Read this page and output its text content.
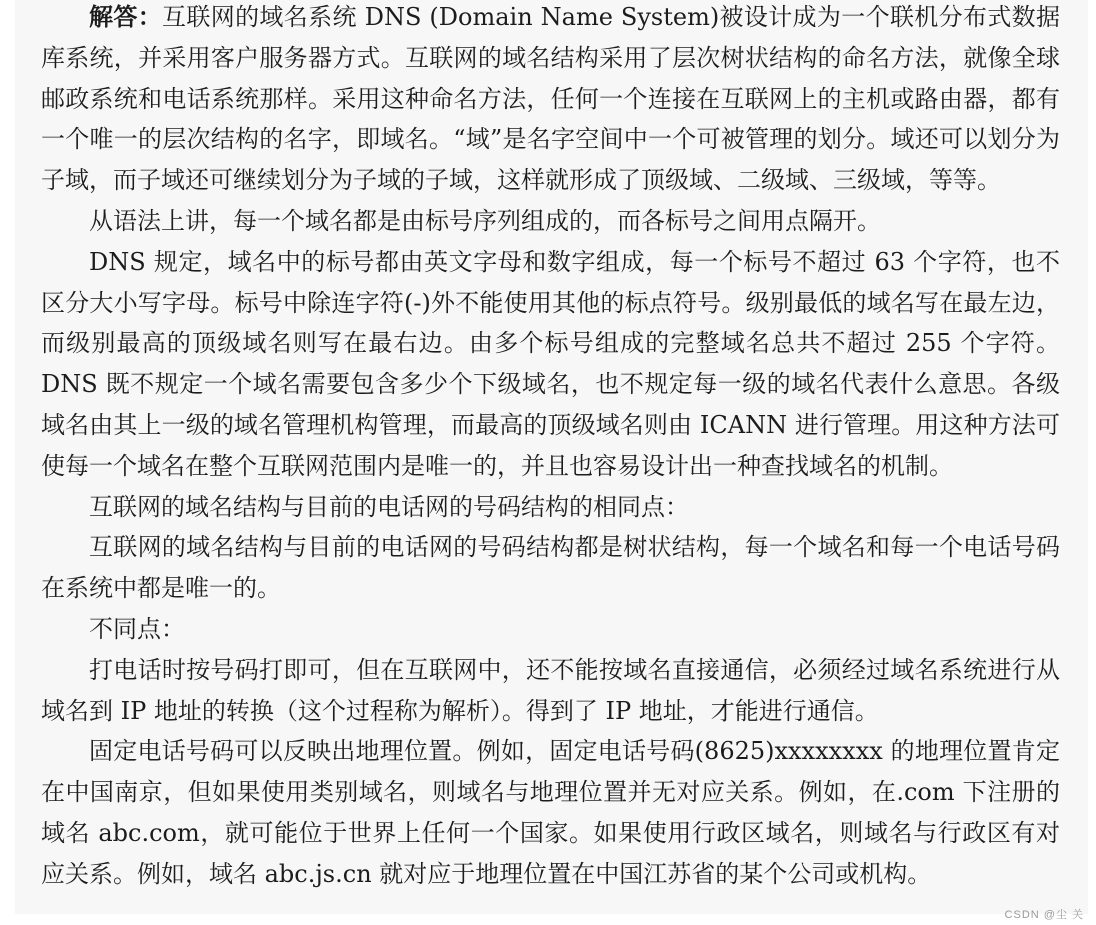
解答：互联网的域名系统 DNS (Domain Name System)被设计成为一个联机分布式数据库系统，并采用客户服务器方式。互联网的域名结构采用了层次树状结构的命名方法，就像全球邮政系统和电话系统那样。采用这种命名方法，任何一个连接在互联网上的主机或路由器，都有一个唯一的层次结构的名字，即域名。“域”是名字空间中一个可被管理的划分。域还可以划分为子域，而子域还可继续划分为子域的子域，这样就形成了顶级域、二级域、三级域，等等。

从语法上讲，每一个域名都是由标号序列组成的，而各标号之间用点隔开。

DNS 规定，域名中的标号都由英文字母和数字组成，每一个标号不超过 63 个字符，也不区分大小写字母。标号中除连字符(-)外不能使用其他的标点符号。级别最低的域名写在最左边，而级别最高的顶级域名则写在最右边。由多个标号组成的完整域名总共不超过 255 个字符。DNS 既不规定一个域名需要包含多少个下级域名，也不规定每一级的域名代表什么意思。各级域名由其上一级的域名管理机构管理，而最高的顶级域名则由 ICANN 进行管理。用这种方法可使每一个域名在整个互联网范围内是唯一的，并且也容易设计出一种查找域名的机制。

互联网的域名结构与目前的电话网的号码结构的相同点：

互联网的域名结构与目前的电话网的号码结构都是树状结构，每一个域名和每一个电话号码在系统中都是唯一的。

不同点：

打电话时按号码打即可，但在互联网中，还不能按域名直接通信，必须经过域名系统进行从域名到 IP 地址的转换（这个过程称为解析）。得到了 IP 地址，才能进行通信。

固定电话号码可以反映出地理位置。例如，固定电话号码(8625)xxxxxxxx 的地理位置肯定在中国南京，但如果使用类别域名，则域名与地理位置并无对应关系。例如，在.com 下注册的域名 abc.com，就可能位于世界上任何一个国家。如果使用行政区域名，则域名与行政区有对应关系。例如，域名 abc.js.cn 就对应于地理位置在中国江苏省的某个公司或机构。

CSDN @尘 关
